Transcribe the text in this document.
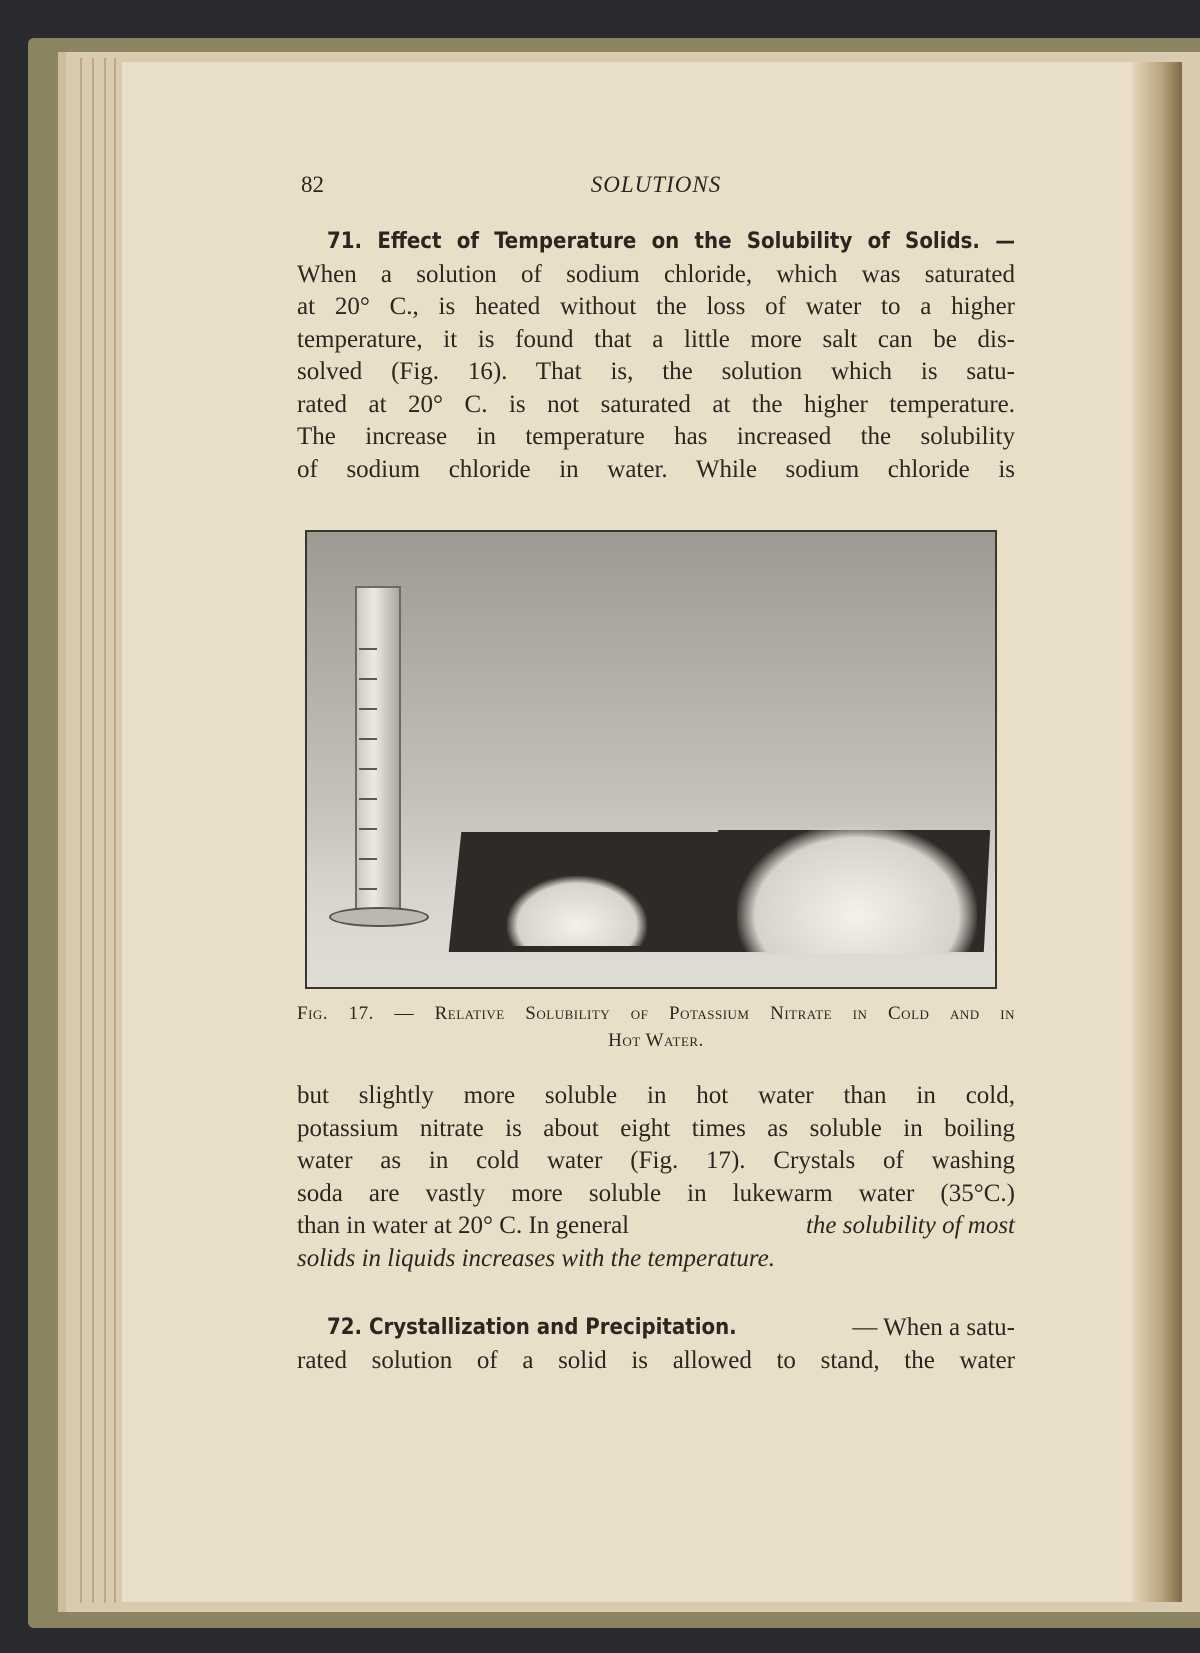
82	SOLUTIONS
71. Effect of Temperature on the Solubility of Solids. —
When a solution of sodium chloride, which was saturated
at 20° C., is heated without the loss of water to a higher
temperature, it is found that a little more salt can be dis-
solved (Fig. 16). That is, the solution which is satu-
rated at 20° C. is not saturated at the higher temperature.
The increase in temperature has increased the solubility
of sodium chloride in water. While sodium chloride is
Fig. 17. — Relative Solubility of Potassium Nitrate in Cold and in
Hot Water.
but slightly more soluble in hot water than in cold,
potassium nitrate is about eight times as soluble in boiling
water as in cold water (Fig. 17). Crystals of washing
soda are vastly more soluble in lukewarm water (35°C.)
than in water at 20° C. In general	the solubility of most
solids in liquids increases with the temperature.
72. Crystallization and Precipitation.	— When a satu-
rated solution of a solid is allowed to stand, the water
